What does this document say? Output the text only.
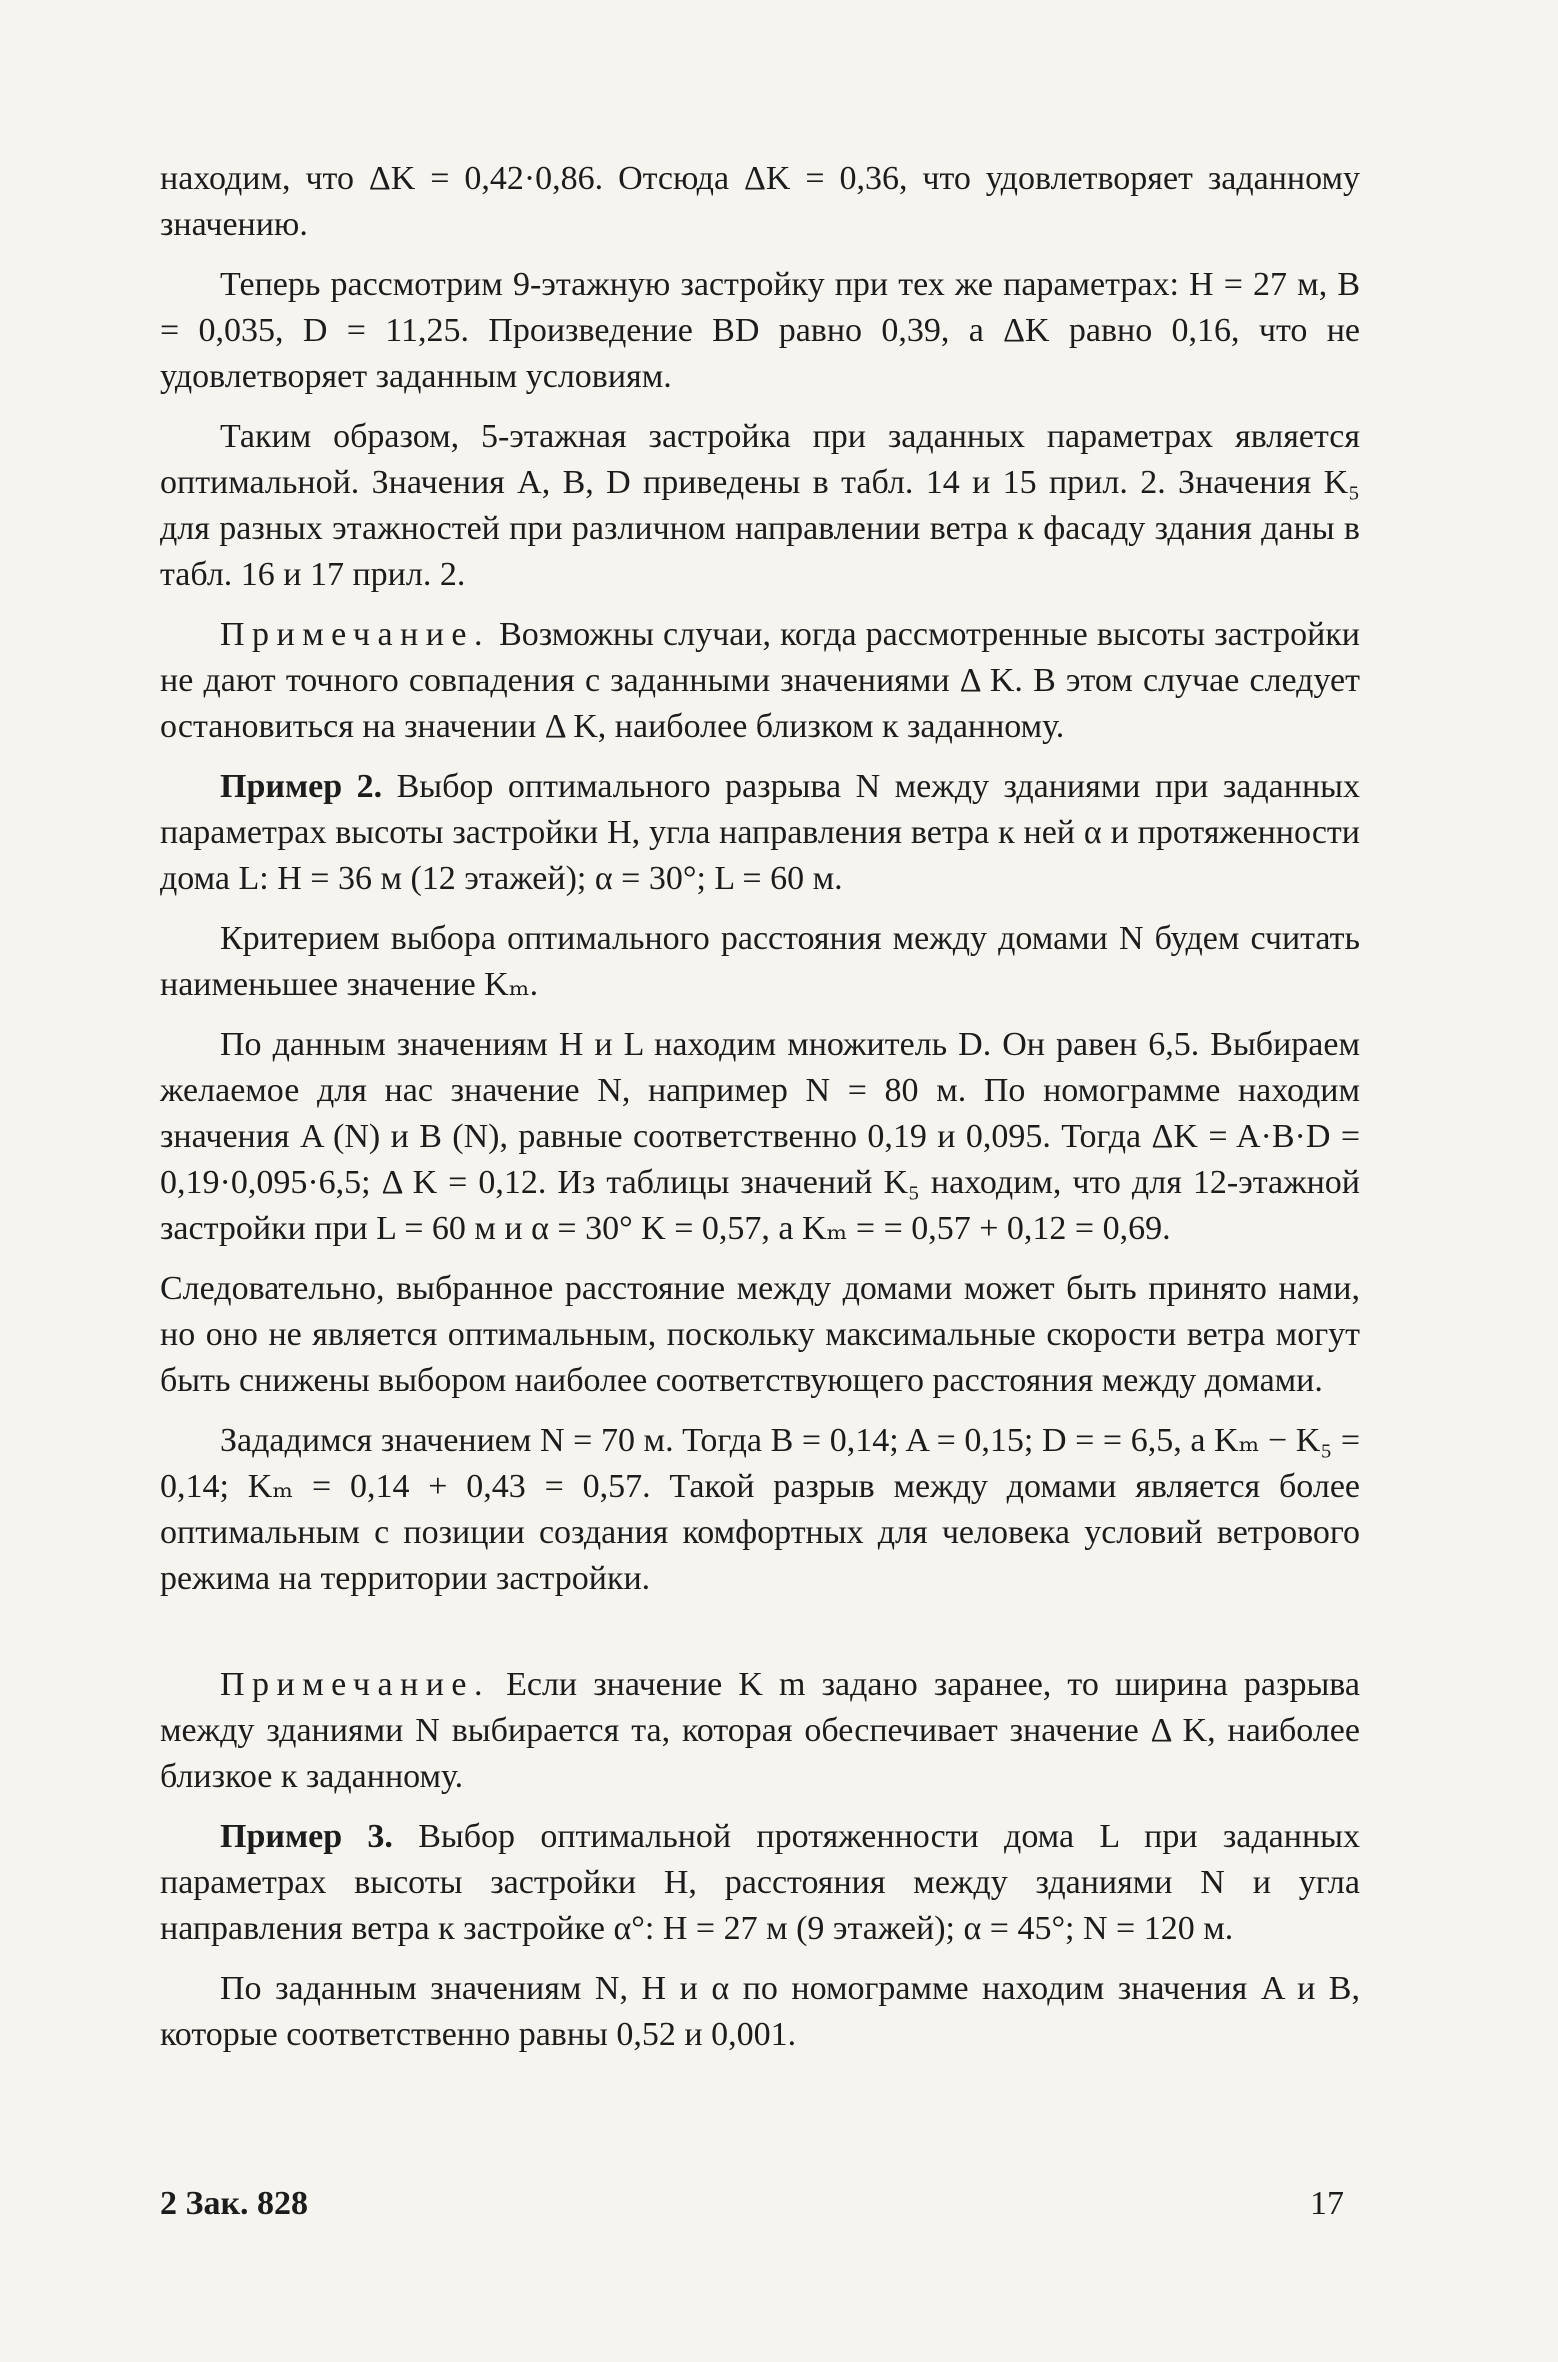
находим, что ΔK = 0,42·0,86. Отсюда ΔK = 0,36, что удовлетворяет заданному значению.

Теперь рассмотрим 9-этажную застройку при тех же параметрах: H = 27 м, B = 0,035, D = 11,25. Произведение BD равно 0,39, а ΔK равно 0,16, что не удовлетворяет заданным условиям.

Таким образом, 5-этажная застройка при заданных параметрах является оптимальной. Значения A, B, D приведены в табл. 14 и 15 прил. 2. Значения K₅ для разных этажностей при различном направлении ветра к фасаду здания даны в табл. 16 и 17 прил. 2.

Примечание. Возможны случаи, когда рассмотренные высоты застройки не дают точного совпадения с заданными значениями Δ K. В этом случае следует остановиться на значении Δ K, наиболее близком к заданному.

Пример 2. Выбор оптимального разрыва N между зданиями при заданных параметрах высоты застройки H, угла направления ветра к ней α и протяженности дома L: H = 36 м (12 этажей); α = 30°; L = 60 м.

Критерием выбора оптимального расстояния между домами N будем считать наименьшее значение Kₘ.

По данным значениям H и L находим множитель D. Он равен 6,5. Выбираем желаемое для нас значение N, например N = 80 м. По номограмме находим значения A (N) и B (N), равные соответственно 0,19 и 0,095. Тогда ΔK = A·B·D = 0,19·0,095·6,5; Δ K = 0,12. Из таблицы значений K₅ находим, что для 12-этажной застройки при L = 60 м и α = 30° K = 0,57, а Kₘ = = 0,57 + 0,12 = 0,69.

Следовательно, выбранное расстояние между домами может быть принято нами, но оно не является оптимальным, поскольку максимальные скорости ветра могут быть снижены выбором наиболее соответствующего расстояния между домами.

Зададимся значением N = 70 м. Тогда B = 0,14; A = 0,15; D = = 6,5, а Kₘ − K₅ = 0,14; Kₘ = 0,14 + 0,43 = 0,57. Такой разрыв между домами является более оптимальным с позиции создания комфортных для человека условий ветрового режима на территории застройки.

Примечание. Если значение K m задано заранее, то ширина разрыва между зданиями N выбирается та, которая обеспечивает значение Δ K, наиболее близкое к заданному.

Пример 3. Выбор оптимальной протяженности дома L при заданных параметрах высоты застройки H, расстояния между зданиями N и угла направления ветра к застройке α°: H = 27 м (9 этажей); α = 45°; N = 120 м.

По заданным значениям N, H и α по номограмме находим значения A и B, которые соответственно равны 0,52 и 0,001.

2 Зак. 828	17
